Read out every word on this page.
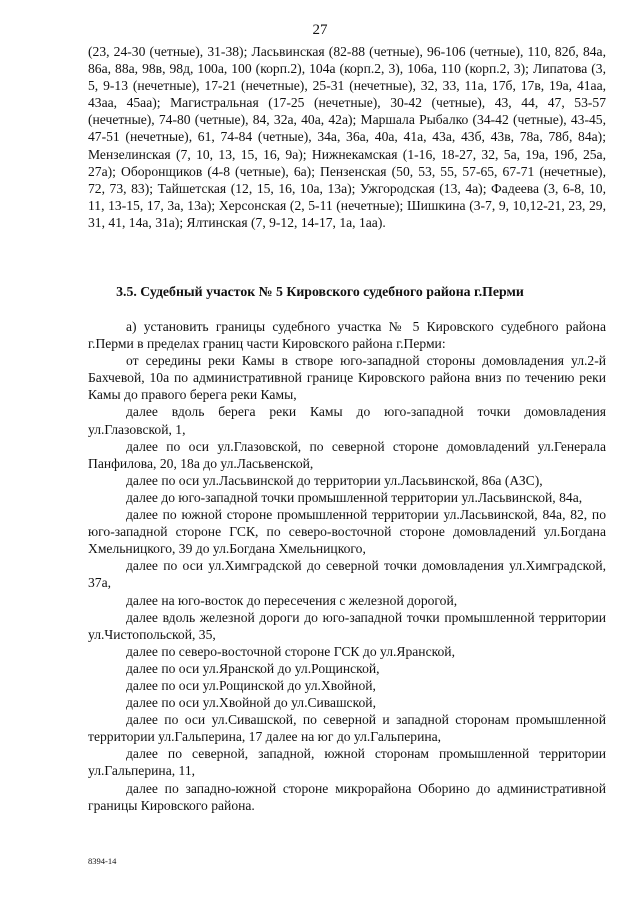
27

(23, 24-30 (четные), 31-38); Ласьвинская (82-88 (четные), 96-106 (четные), 110, 82б, 84а, 86а, 88а, 98в, 98д, 100а, 100 (корп.2), 104а (корп.2, 3), 106а, 110 (корп.2, 3); Липатова (3, 5, 9-13 (нечетные), 17-21 (нечетные), 25-31 (нечетные), 32, 33, 11а, 17б, 17в, 19а, 41аа, 43аа, 45аа); Магистральная (17-25 (нечетные), 30-42 (четные), 43, 44, 47, 53-57 (нечетные), 74-80 (четные), 84, 32а, 40а, 42а); Маршала Рыбалко (34-42 (четные), 43-45, 47-51 (нечетные), 61, 74-84 (четные), 34а, 36а, 40а, 41а, 43а, 43б, 43в, 78а, 78б, 84а); Мензелинская (7, 10, 13, 15, 16, 9а); Нижнекамская (1-16, 18-27, 32, 5а, 19а, 19б, 25а, 27а); Оборонщиков (4-8 (четные), 6а); Пензенская (50, 53, 55, 57-65, 67-71 (нечетные), 72, 73, 83); Тайшетская (12, 15, 16, 10а, 13а); Ужгородская (13, 4а); Фадеева (3, 6-8, 10, 11, 13-15, 17, 3а, 13а); Херсонская (2, 5-11 (нечетные); Шишкина (3-7, 9, 10,12-21, 23, 29, 31, 41, 14а, 31а); Ялтинская (7, 9-12, 14-17, 1а, 1аа).

3.5. Судебный участок № 5 Кировского судебного района г.Перми

а) установить границы судебного участка № 5 Кировского судебного района г.Перми в пределах границ части Кировского района г.Перми:

от середины реки Камы в створе юго-западной стороны домовладения ул.2-й Бахчевой, 10а по административной границе Кировского района вниз по течению реки Камы до правого берега реки Камы,

далее вдоль берега реки Камы до юго-западной точки домовладения ул.Глазовской, 1,

далее по оси ул.Глазовской, по северной стороне домовладений ул.Генерала Панфилова, 20, 18а до ул.Ласьвенской,

далее по оси ул.Ласьвинской до территории ул.Ласьвинской, 86а (АЗС),

далее до юго-западной точки промышленной территории ул.Ласьвинской, 84а,

далее по южной стороне промышленной территории ул.Ласьвинской, 84а, 82, по юго-западной стороне ГСК, по северо-восточной стороне домовладений ул.Богдана Хмельницкого, 39 до ул.Богдана Хмельницкого,

далее по оси ул.Химградской до северной точки домовладения ул.Химградской, 37а,

далее на юго-восток до пересечения с железной дорогой,

далее вдоль железной дороги до юго-западной точки промышленной территории ул.Чистопольской, 35,

далее по северо-восточной стороне ГСК до ул.Яранской,

далее по оси ул.Яранской до ул.Рощинской,

далее по оси ул.Рощинской до ул.Хвойной,

далее по оси ул.Хвойной до ул.Сивашской,

далее по оси ул.Сивашской, по северной и западной сторонам промышленной территории ул.Гальперина, 17 далее на юг до ул.Гальперина,

далее по северной, западной, южной сторонам промышленной территории ул.Гальперина, 11,

далее по западно-южной стороне микрорайона Оборино до административной границы Кировского района.

8394-14
